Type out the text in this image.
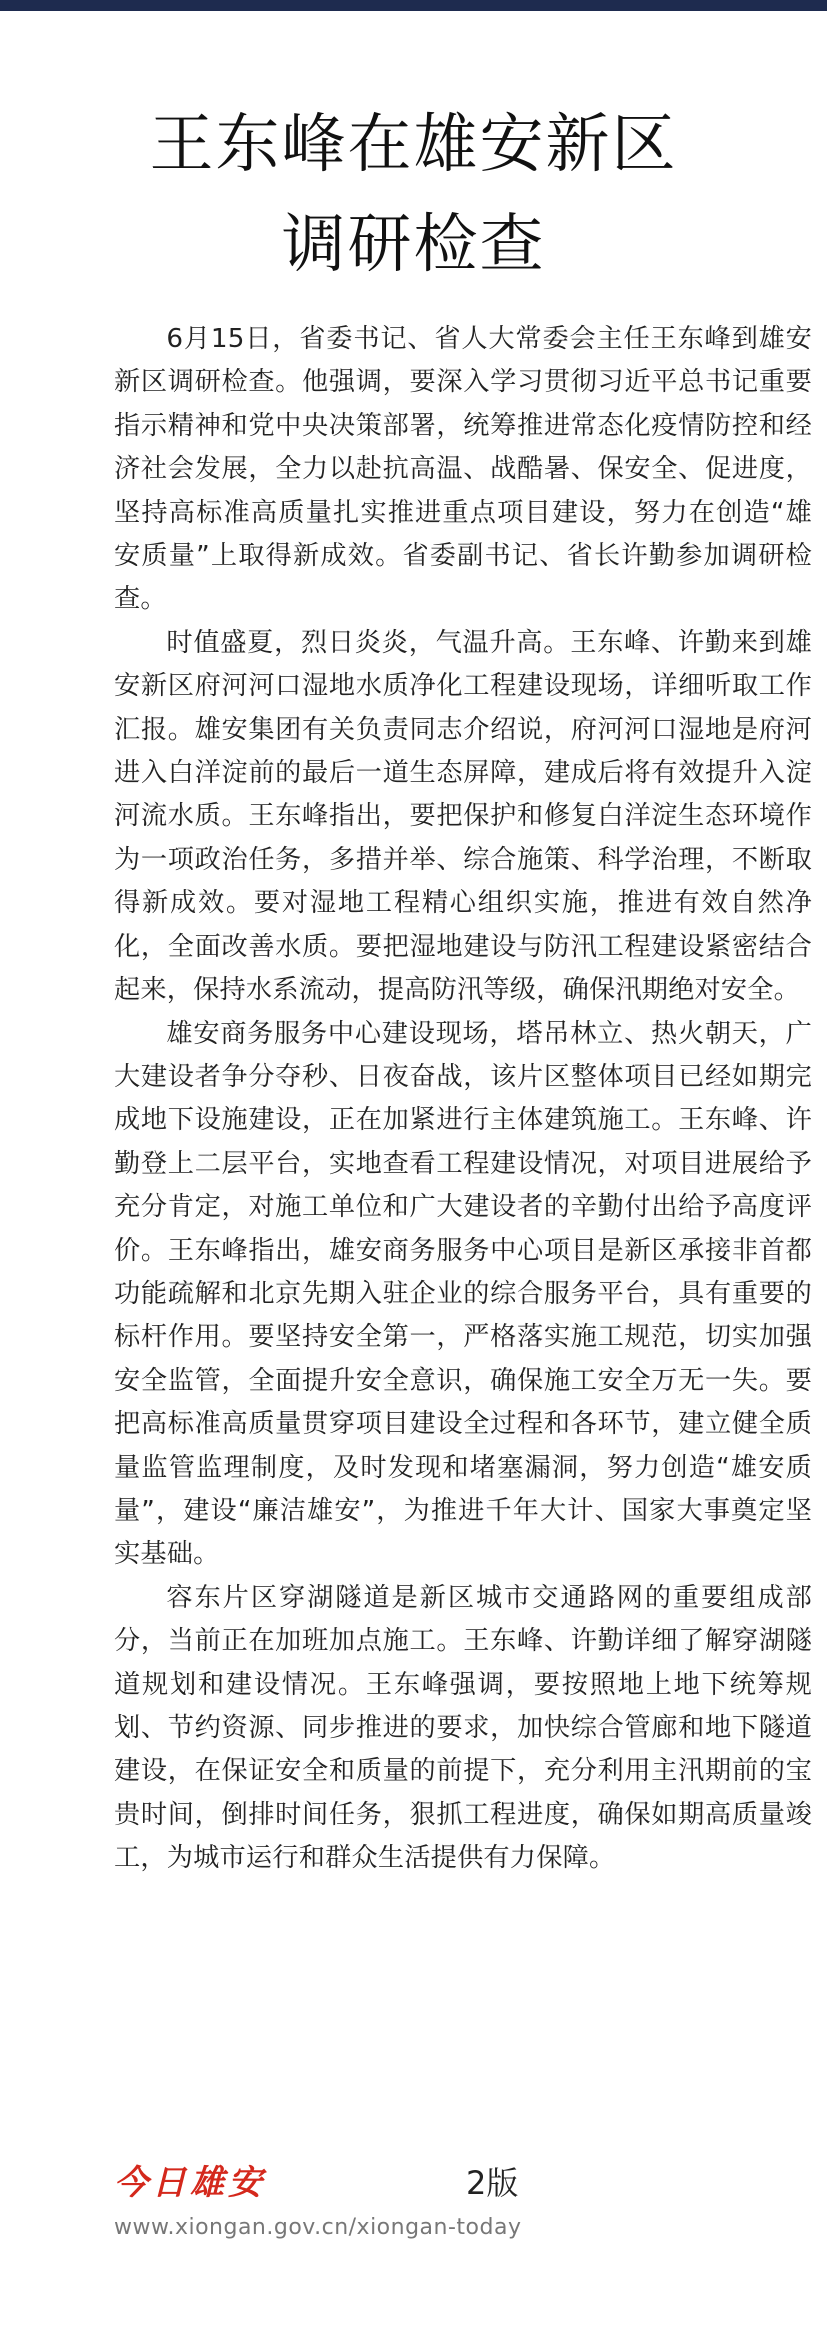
王东峰在雄安新区
调研检查

6月15日，省委书记、省人大常委会主任王东峰到雄安新区调研检查。他强调，要深入学习贯彻习近平总书记重要指示精神和党中央决策部署，统筹推进常态化疫情防控和经济社会发展，全力以赴抗高温、战酷暑、保安全、促进度，坚持高标准高质量扎实推进重点项目建设，努力在创造“雄安质量”上取得新成效。省委副书记、省长许勤参加调研检查。

时值盛夏，烈日炎炎，气温升高。王东峰、许勤来到雄安新区府河河口湿地水质净化工程建设现场，详细听取工作汇报。雄安集团有关负责同志介绍说，府河河口湿地是府河进入白洋淀前的最后一道生态屏障，建成后将有效提升入淀河流水质。王东峰指出，要把保护和修复白洋淀生态环境作为一项政治任务，多措并举、综合施策、科学治理，不断取得新成效。要对湿地工程精心组织实施，推进有效自然净化，全面改善水质。要把湿地建设与防汛工程建设紧密结合起来，保持水系流动，提高防汛等级，确保汛期绝对安全。

雄安商务服务中心建设现场，塔吊林立、热火朝天，广大建设者争分夺秒、日夜奋战，该片区整体项目已经如期完成地下设施建设，正在加紧进行主体建筑施工。王东峰、许勤登上二层平台，实地查看工程建设情况，对项目进展给予充分肯定，对施工单位和广大建设者的辛勤付出给予高度评价。王东峰指出，雄安商务服务中心项目是新区承接非首都功能疏解和北京先期入驻企业的综合服务平台，具有重要的标杆作用。要坚持安全第一，严格落实施工规范，切实加强安全监管，全面提升安全意识，确保施工安全万无一失。要把高标准高质量贯穿项目建设全过程和各环节，建立健全质量监管监理制度，及时发现和堵塞漏洞，努力创造“雄安质量”，建设“廉洁雄安”，为推进千年大计、国家大事奠定坚实基础。

容东片区穿湖隧道是新区城市交通路网的重要组成部分，当前正在加班加点施工。王东峰、许勤详细了解穿湖隧道规划和建设情况。王东峰强调，要按照地上地下统筹规划、节约资源、同步推进的要求，加快综合管廊和地下隧道建设，在保证安全和质量的前提下，充分利用主汛期前的宝贵时间，倒排时间任务，狠抓工程进度，确保如期高质量竣工，为城市运行和群众生活提供有力保障。

今日雄安	2版
www.xiongan.gov.cn/xiongan-today
